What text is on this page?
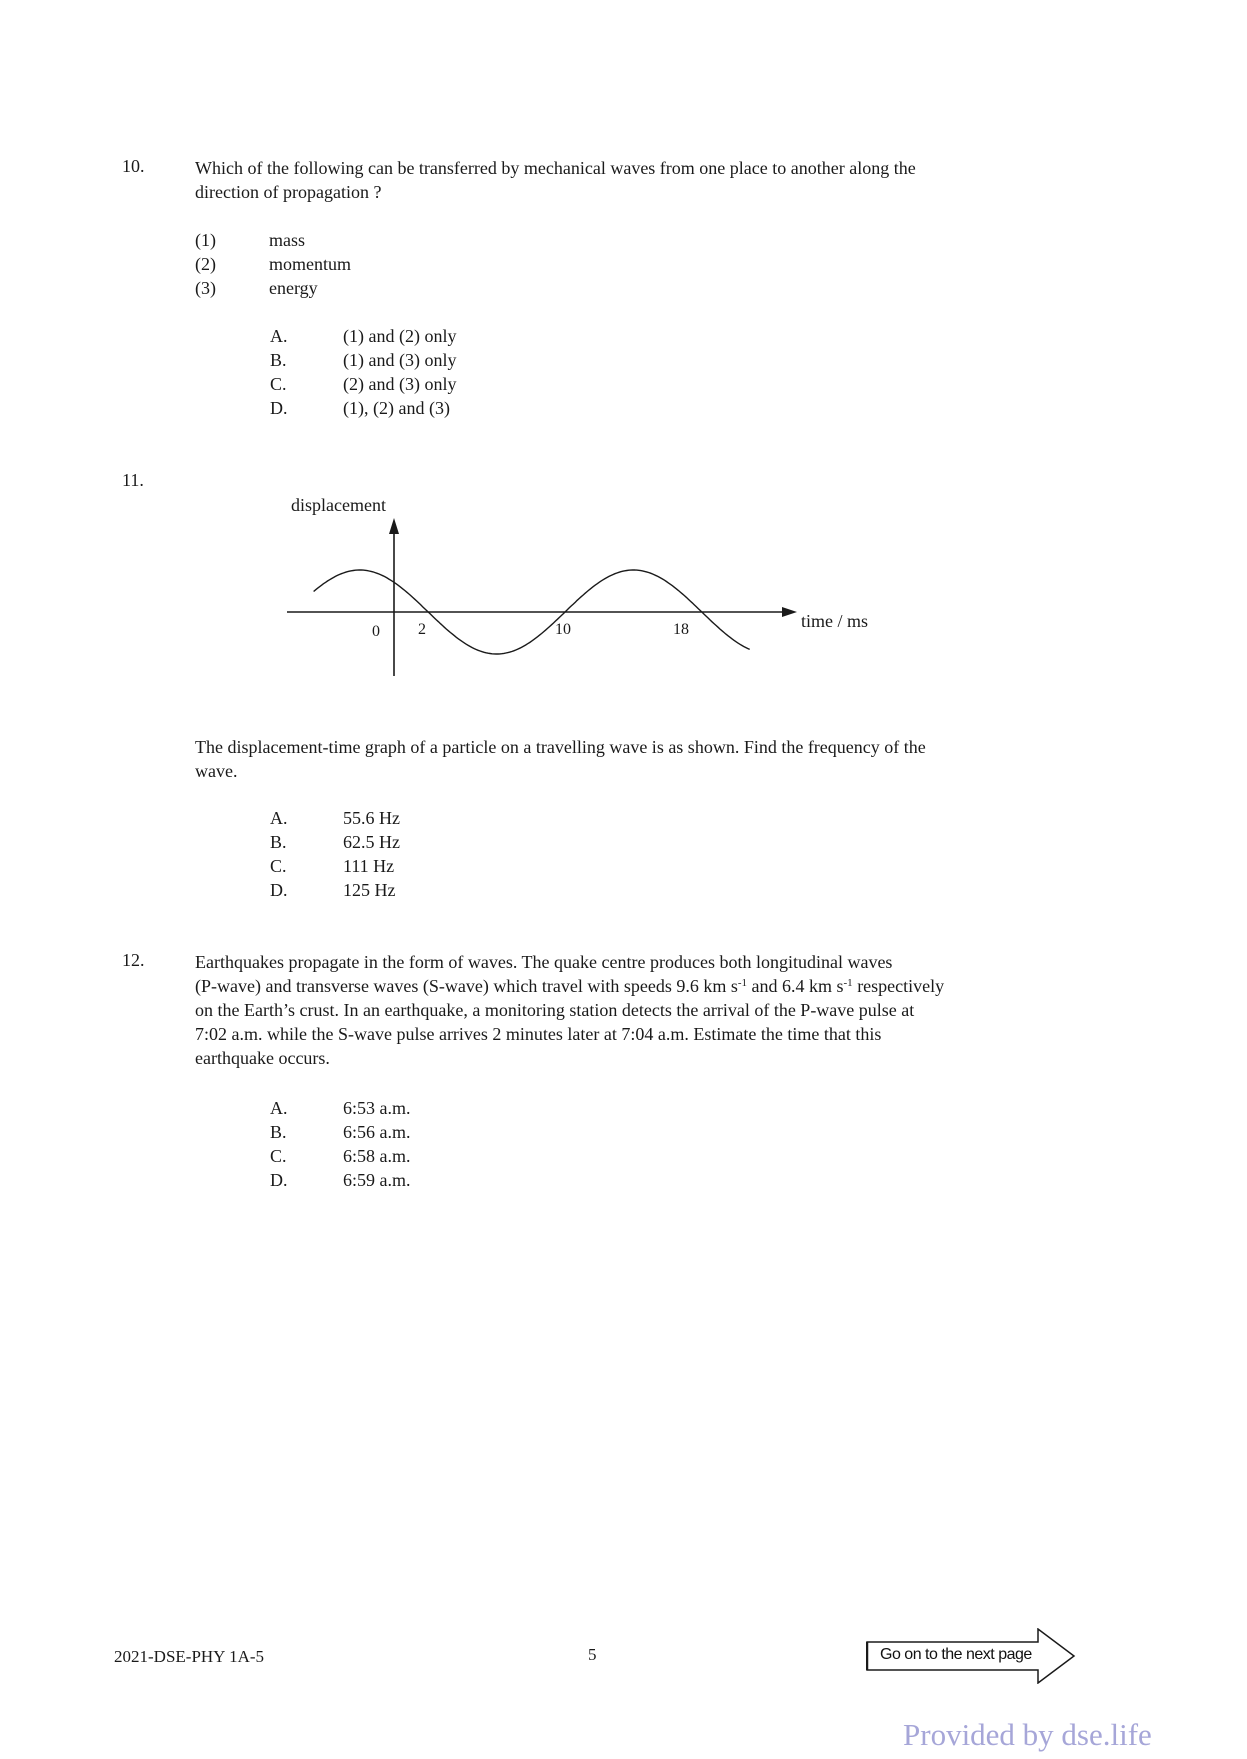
10.	Which of the following can be transferred by mechanical waves from one place to another along the
direction of propagation ?
(1)	mass
(2)	momentum
(3)	energy
A.	(1) and (2) only
B.	(1) and (3) only
C.	(2) and (3) only
D.	(1), (2) and (3)
11.
displacement
time / ms
0 2	10	18
The displacement-time graph of a particle on a travelling wave is as shown. Find the frequency of the
wave.
A.	55.6 Hz
B.	62.5 Hz
C.	111 Hz
D.	125 Hz
12.	Earthquakes propagate in the form of waves. The quake centre produces both longitudinal waves
(P-wave) and transverse waves (S-wave) which travel with speeds 9.6 km $s^{-1}$ and 6.4 km $s^{-1}$ respectively
on the Earth’s crust. In an earthquake, a monitoring station detects the arrival of the P-wave pulse at
7:02 a.m. while the S-wave pulse arrives 2 minutes later at 7:04 a.m. Estimate the time that this
earthquake occurs.
A.	6:53 a.m.
B.	6:56 a.m.
C.	6:58 a.m.
D.	6:59 a.m.
2021-DSE-PHY 1A-5	5	Go on to the next page
Provided by dse.life
